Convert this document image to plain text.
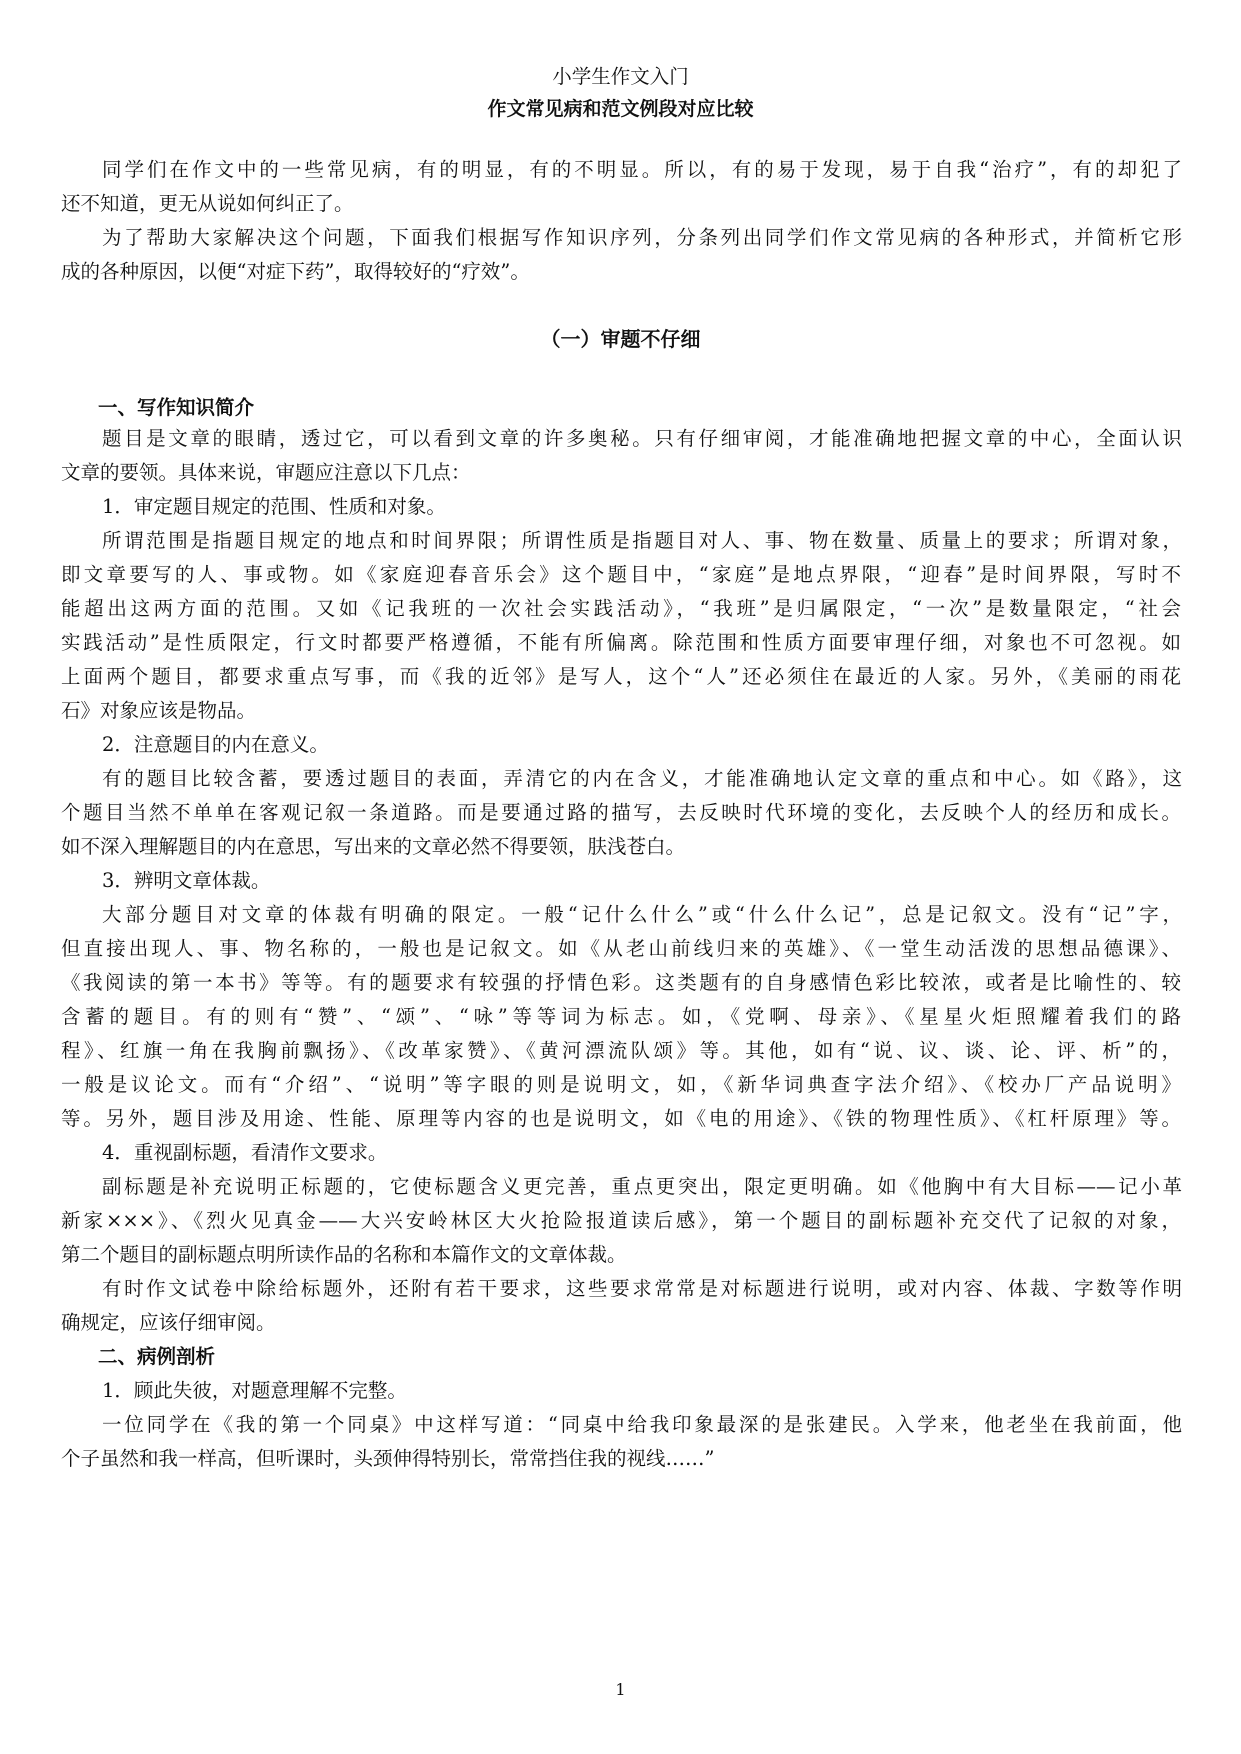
小学生作文入门
作文常见病和范文例段对应比较
同学们在作文中的一些常见病，有的明显，有的不明显。所以，有的易于发现，易于自我“治疗”，有的却犯了
还不知道，更无从说如何纠正了。
为了帮助大家解决这个问题，下面我们根据写作知识序列，分条列出同学们作文常见病的各种形式，并简析它形
成的各种原因，以便“对症下药”，取得较好的“疗效”。
（一）审题不仔细
一、写作知识简介
题目是文章的眼睛，透过它，可以看到文章的许多奥秘。只有仔细审阅，才能准确地把握文章的中心，全面认识
文章的要领。具体来说，审题应注意以下几点：
1．审定题目规定的范围、性质和对象。
所谓范围是指题目规定的地点和时间界限；所谓性质是指题目对人、事、物在数量、质量上的要求；所谓对象，
即文章要写的人、事或物。如《家庭迎春音乐会》这个题目中，“家庭”是地点界限，“迎春”是时间界限，写时不
能超出这两方面的范围。又如《记我班的一次社会实践活动》，“我班”是归属限定，“一次”是数量限定，“社会
实践活动”是性质限定，行文时都要严格遵循，不能有所偏离。除范围和性质方面要审理仔细，对象也不可忽视。如
上面两个题目，都要求重点写事，而《我的近邻》是写人，这个“人”还必须住在最近的人家。另外，《美丽的雨花
石》对象应该是物品。
2．注意题目的内在意义。
有的题目比较含蓄，要透过题目的表面，弄清它的内在含义，才能准确地认定文章的重点和中心。如《路》，这
个题目当然不单单在客观记叙一条道路。而是要通过路的描写，去反映时代环境的变化，去反映个人的经历和成长。
如不深入理解题目的内在意思，写出来的文章必然不得要领，肤浅苍白。
3．辨明文章体裁。
大部分题目对文章的体裁有明确的限定。一般“记什么什么”或“什么什么记”，总是记叙文。没有“记”字，
但直接出现人、事、物名称的，一般也是记叙文。如《从老山前线归来的英雄》、《一堂生动活泼的思想品德课》、
《我阅读的第一本书》等等。有的题要求有较强的抒情色彩。这类题有的自身感情色彩比较浓，或者是比喻性的、较
含蓄的题目。有的则有“赞”、“颂”、“咏”等等词为标志。如，《党啊、母亲》、《星星火炬照耀着我们的路
程》、红旗一角在我胸前飘扬》、《改革家赞》、《黄河漂流队颂》等。其他，如有“说、议、谈、论、评、析”的，
一般是议论文。而有“介绍”、“说明”等字眼的则是说明文，如，《新华词典查字法介绍》、《校办厂产品说明》
等。另外，题目涉及用途、性能、原理等内容的也是说明文，如《电的用途》、《铁的物理性质》、《杠杆原理》等。
4．重视副标题，看清作文要求。
副标题是补充说明正标题的，它使标题含义更完善，重点更突出，限定更明确。如《他胸中有大目标——记小革
新家×××》、《烈火见真金——大兴安岭林区大火抢险报道读后感》，第一个题目的副标题补充交代了记叙的对象，
第二个题目的副标题点明所读作品的名称和本篇作文的文章体裁。
有时作文试卷中除给标题外，还附有若干要求，这些要求常常是对标题进行说明，或对内容、体裁、字数等作明
确规定，应该仔细审阅。
二、病例剖析
1．顾此失彼，对题意理解不完整。
一位同学在《我的第一个同桌》中这样写道：“同桌中给我印象最深的是张建民。入学来，他老坐在我前面，他
个子虽然和我一样高，但听课时，头颈伸得特别长，常常挡住我的视线……”
1
